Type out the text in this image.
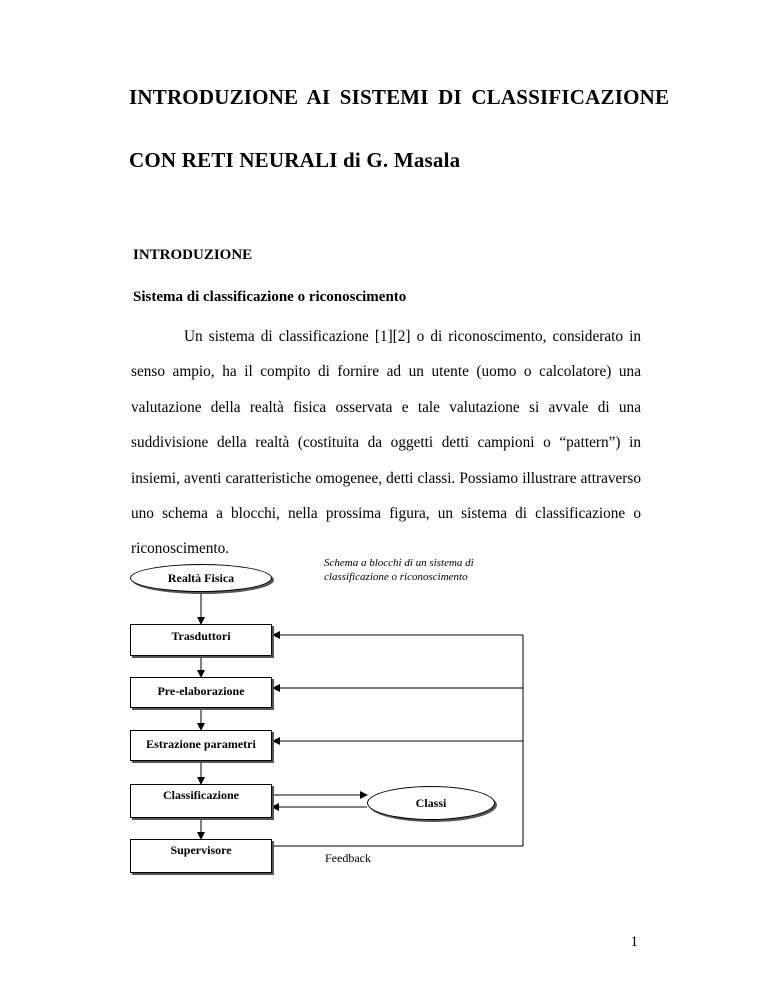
INTRODUZIONE AI SISTEMI DI CLASSIFICAZIONE
CON RETI NEURALI di G. Masala
INTRODUZIONE
Sistema di classificazione o riconoscimento

Un sistema di classificazione [1][2] o di riconoscimento, considerato in senso ampio, ha il compito di fornire ad un utente (uomo o calcolatore) una valutazione della realtà fisica osservata e tale valutazione si avvale di una suddivisione della realtà (costituita da oggetti detti campioni o “pattern”) in insiemi, aventi caratteristiche omogenee, detti classi. Possiamo illustrare attraverso uno schema a blocchi, nella prossima figura, un sistema di classificazione o riconoscimento.

Schema a blocchi di un sistema di classificazione o riconoscimento
Realtà Fisica
Trasduttori
Pre-elaborazione
Estrazione parametri
Classificazione
Classi
Supervisore
Feedback
1
